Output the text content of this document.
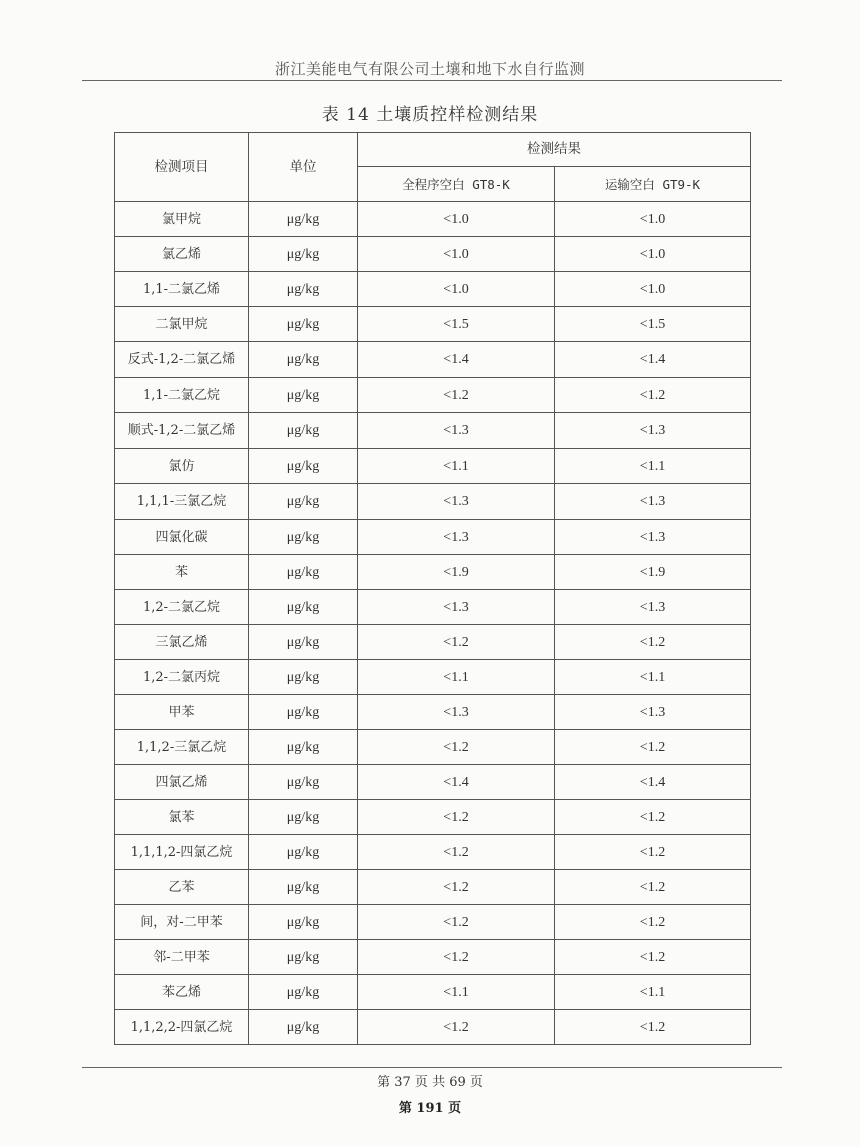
浙江美能电气有限公司土壤和地下水自行监测
表 14 土壤质控样检测结果
检测项目	单位	检测结果	
		全程序空白 GT8-K	运输空白 GT9-K
氯甲烷	μg/kg	<1.0	<1.0
氯乙烯	μg/kg	<1.0	<1.0
1,1-二氯乙烯	μg/kg	<1.0	<1.0
二氯甲烷	μg/kg	<1.5	<1.5
反式-1,2-二氯乙烯	μg/kg	<1.4	<1.4
1,1-二氯乙烷	μg/kg	<1.2	<1.2
顺式-1,2-二氯乙烯	μg/kg	<1.3	<1.3
氯仿	μg/kg	<1.1	<1.1
1,1,1-三氯乙烷	μg/kg	<1.3	<1.3
四氯化碳	μg/kg	<1.3	<1.3
苯	μg/kg	<1.9	<1.9
1,2-二氯乙烷	μg/kg	<1.3	<1.3
三氯乙烯	μg/kg	<1.2	<1.2
1,2-二氯丙烷	μg/kg	<1.1	<1.1
甲苯	μg/kg	<1.3	<1.3
1,1,2-三氯乙烷	μg/kg	<1.2	<1.2
四氯乙烯	μg/kg	<1.4	<1.4
氯苯	μg/kg	<1.2	<1.2
1,1,1,2-四氯乙烷	μg/kg	<1.2	<1.2
乙苯	μg/kg	<1.2	<1.2
间，对-二甲苯	μg/kg	<1.2	<1.2
邻-二甲苯	μg/kg	<1.2	<1.2
苯乙烯	μg/kg	<1.1	<1.1
1,1,2,2-四氯乙烷	μg/kg	<1.2	<1.2
第 37 页 共 69 页
第 191 页
